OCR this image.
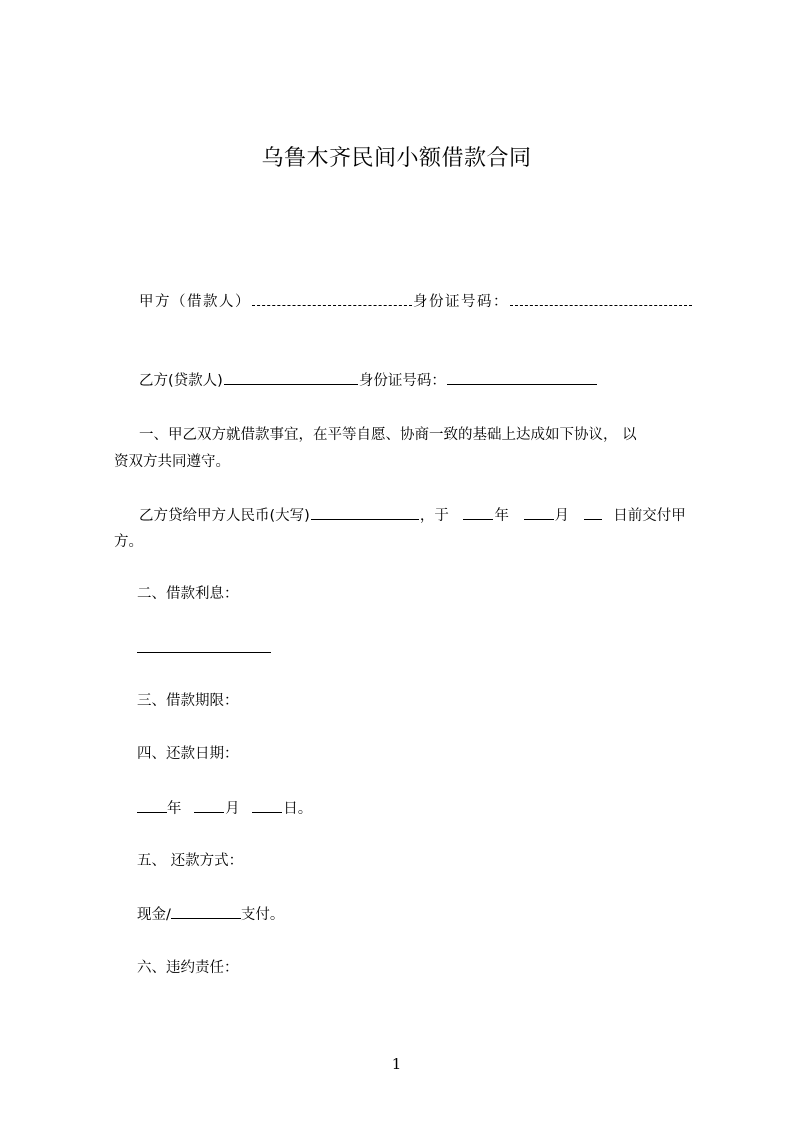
乌鲁木齐民间小额借款合同
甲方（借款人）	身份证号码：
乙方(贷款人)	身份证号码：
一、甲乙双方就借款事宜，在平等自愿、协商一致的基础上达成如下协议， 以
资双方共同遵守。
乙方贷给甲方人民币(大写)	，于	年	月	日前交付甲
方。
二、借款利息：
三、借款期限：
四、还款日期：
年	月	日。
五、 还款方式：
现金/	支付。
六、违约责任：
1
